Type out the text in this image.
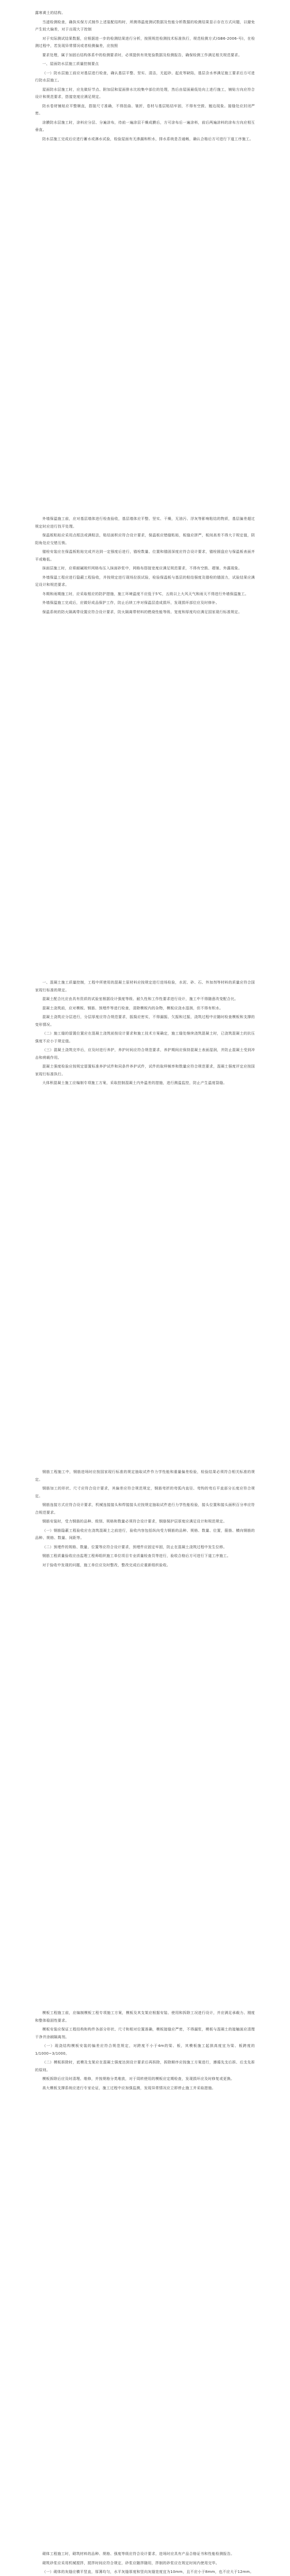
露寒黄土的结构。

当滤检测检查，确执实保方式制作上述装配结构时，所测得温度测试数据及性能分析数据的检测结果显示存在方式问题，以避免产生较大偏差，对于出现大于控制

对于实际测试结果数据，应根据进一步的检测结果进行分析，按照规范检测技术标准执行，规范检测方式(GB6-2006-号)，在检测过程中，若发现异常情况或者检测偏差，应按照

要求处理，属于加固后结构体系中的检测要求时，必须提供有效复验数据及检测报告，确保检测工作满足相关规范要求。

一、屋面防水层施工质量控制要点

（一）防水层施工前应对基层进行检查，确认基层平整、坚实、清洁，无起砂、起皮等缺陷，基层含水率满足施工要求后方可进行防水层施工。

屋面防水层施工时，应先做好节点、附加层和屋面排水比较集中部位的处理，然后由屋面最低处向上进行施工，铺贴方向应符合设计和规范要求，搭接宽度应满足规定。

防水卷材铺贴应平整顺直，搭接尺寸准确，不得扭曲、皱折，卷材与基层粘结牢固，不得有空鼓、翘边现象。接缝处应封闭严密。

涂膜防水层施工时，涂料应分层、分遍涂布，待前一遍涂层干燥成膜后，方可涂布后一遍涂料，前后两遍涂料的涂布方向应相互垂直。

防水层施工完成后应进行蓄水或淋水试验，检验屋面有无渗漏和积水，排水系统是否通畅，确认合格后方可进行下道工序施工。

外墙保温施工前，应对基层墙体进行检查验收，基层墙体应平整、坚实、干燥，无油污、浮灰等影响粘结的物质，基层偏差超过规定时应进行找平处理。

保温板粘贴应采用点框法或满粘法，粘结面积应符合设计要求，保温板应错缝粘贴，板缝应拼严，板间高差不得大于规定值，阴阳角处应交错互锁。

锚栓安装应在保温板粘贴完成并达到一定强度后进行，锚栓数量、位置和锚固深度应符合设计要求，锚栓圆盘应与保温板表面齐平或略低。

抹面层施工时，应将耐碱玻纤网格布压入抹面砂浆中，网格布搭接宽度应满足规范要求，不得有空鼓、褶皱、外露现象。

外墙保温工程应进行隐蔽工程验收，并按规定进行现场拉拔试验，检验保温板与基层的粘结强度及锚栓的锚固力，试验结果应满足设计和规范要求。

冬期和雨期施工时，应采取相应的防护措施，施工环境温度不应低于5℃，五级以上大风天气和雨天不得进行外墙保温施工。

外墙保温施工完成后，应做好成品保护工作，防止后续工序对保温层造成损坏，发现损坏部位应及时修补。

保温系统的防火隔离带设置应符合设计要求，防火隔离带材料的燃烧性能等级、宽度和厚度均应满足国家现行标准规定。

一、混凝土施工质量控制，工程中所使用的混凝土原材料应按规定进行进场检验，水泥、砂、石、外加剂等材料的质量应符合国家现行标准的规定。

混凝土配合比应由具有资质的试验室根据设计强度等级、耐久性和工作性要求进行设计，施工中不得随意改变配合比。

混凝土浇筑前，应对模板、钢筋、预埋件等进行检查，清除模板内的杂物，模板应浇水湿润，但不得有积水。

混凝土浇筑应分层进行，分层厚度应符合规范要求，振捣应密实，不得漏振、欠振和过振，浇筑过程中应随时检查模板和支撑的变形情况。

（二）施工缝的留置位置应在混凝土浇筑前按设计要求和施工技术方案确定，施工缝处继续浇筑混凝土时，已浇筑混凝土的抗压强度不应小于规定值。

（三）混凝土浇筑完毕后，应及时进行养护，养护时间应符合规范要求，养护期间应保持混凝土表面湿润，并防止混凝土受到冲击和荷载作用。

混凝土强度检验应按规定留置标准养护试件和同条件养护试件，试件的取样频率和数量应符合规范要求，混凝土强度评定应按国家现行标准执行。

大体积混凝土施工应编制专项施工方案，采取控制混凝土内外温差的措施，进行测温监控，防止产生温度裂缝。

钢筋工程施工中，钢筋进场时应按国家现行标准的规定抽取试件作力学性能和重量偏差检验，检验结果必须符合相关标准的规定。

钢筋加工的形状、尺寸应符合设计要求，其偏差应符合规范规定，钢筋弯折的弯弧内直径、弯钩的弯后平直部分长度应符合规定。

钢筋连接方式应符合设计要求，机械连接接头和焊接接头应按规定抽取试件进行力学性能检验，接头位置和接头面积百分率应符合规范要求。

钢筋安装时，受力钢筋的品种、级别、规格和数量必须符合设计要求，钢筋保护层厚度应满足设计和规范规定。

（一）钢筋隐蔽工程验收应在浇筑混凝土之前进行，验收内容包括纵向受力钢筋的品种、规格、数量、位置，箍筋、横向钢筋的品种、规格、数量、间距等。

（二）预埋件的规格、数量、位置等应符合设计要求，预埋件应固定牢固，防止在混凝土浇筑过程中发生位移。

钢筋工程质量验收应由监理工程师组织施工单位项目专业质量检查员等进行，验收合格后方可进行下道工序施工。

对于验收中发现的问题，施工单位应及时整改，整改完成后应重新组织验收。

模板工程施工前，应编制模板工程专项施工方案，模板及其支架应根据安装、使用和拆除工况进行设计，并应满足承载力、刚度和整体稳固性要求。

模板安装应保证工程结构和构件各部分形状、尺寸和相对位置准确，模板接缝应严密，不得漏浆，模板与混凝土的接触面应清理干净并涂刷隔离剂。

（一）现浇结构模板安装的偏差应符合规范规定，对跨度不小于4m的梁、板，其模板施工起拱高度宜为梁、板跨度的1/1000~3/1000。

（二）模板拆除时，底模及支架应在混凝土强度达到设计要求后再拆除，拆除顺序应按施工方案进行，遵循先支后拆、后支先拆的原则。

模板拆除后应及时清理、维修，并按规格分类堆放，对于周转使用的模板应定期检查，发现损坏应及时修复或更换。

高大模板支撑系统应进行专家论证，施工过程中应加强监测，发现异常情况应立即停止施工并采取措施。

砌体工程施工时，砌筑材料的品种、规格、强度等级应符合设计要求，进场时应具有产品合格证书和性能检测报告。

砌筑砂浆应采用机械搅拌，搅拌时间应符合规定，砂浆应随拌随用，拌制的砂浆应在规定时间内使用完毕。

（一）砌体的灰缝应横平竖直，厚薄均匀，水平灰缝厚度和竖向灰缝宽度宜为10mm，且不应小于8mm，也不应大于12mm。
